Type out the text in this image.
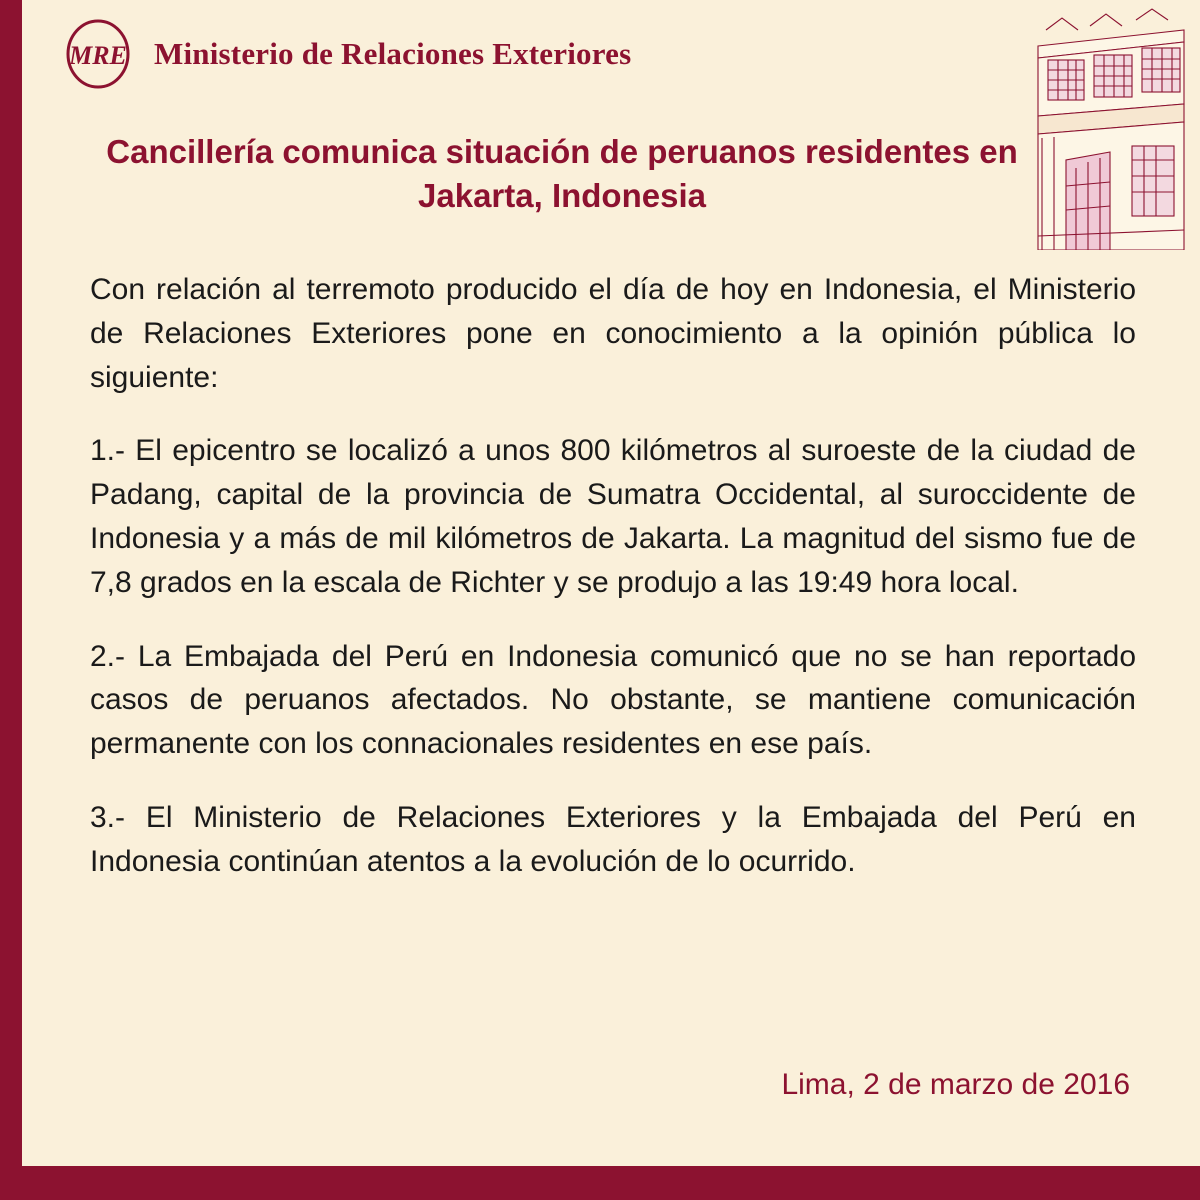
MRE Ministerio de Relaciones Exteriores
Cancillería comunica situación de peruanos residentes en Jakarta, Indonesia

Con relación al terremoto producido el día de hoy en Indonesia, el Ministerio de Relaciones Exteriores pone en conocimiento a la opinión pública lo siguiente:

1.- El epicentro se localizó a unos 800 kilómetros al suroeste de la ciudad de Padang, capital de la provincia de Sumatra Occidental, al suroccidente de Indonesia y a más de mil kilómetros de Jakarta. La magnitud del sismo fue de 7,8 grados en la escala de Richter y se produjo a las 19:49 hora local.

2.- La Embajada del Perú en Indonesia comunicó que no se han reportado casos de peruanos afectados. No obstante, se mantiene comunicación permanente con los connacionales residentes en ese país.

3.- El Ministerio de Relaciones Exteriores y la Embajada del Perú en Indonesia continúan atentos a la evolución de lo ocurrido.

Lima, 2 de marzo de 2016
